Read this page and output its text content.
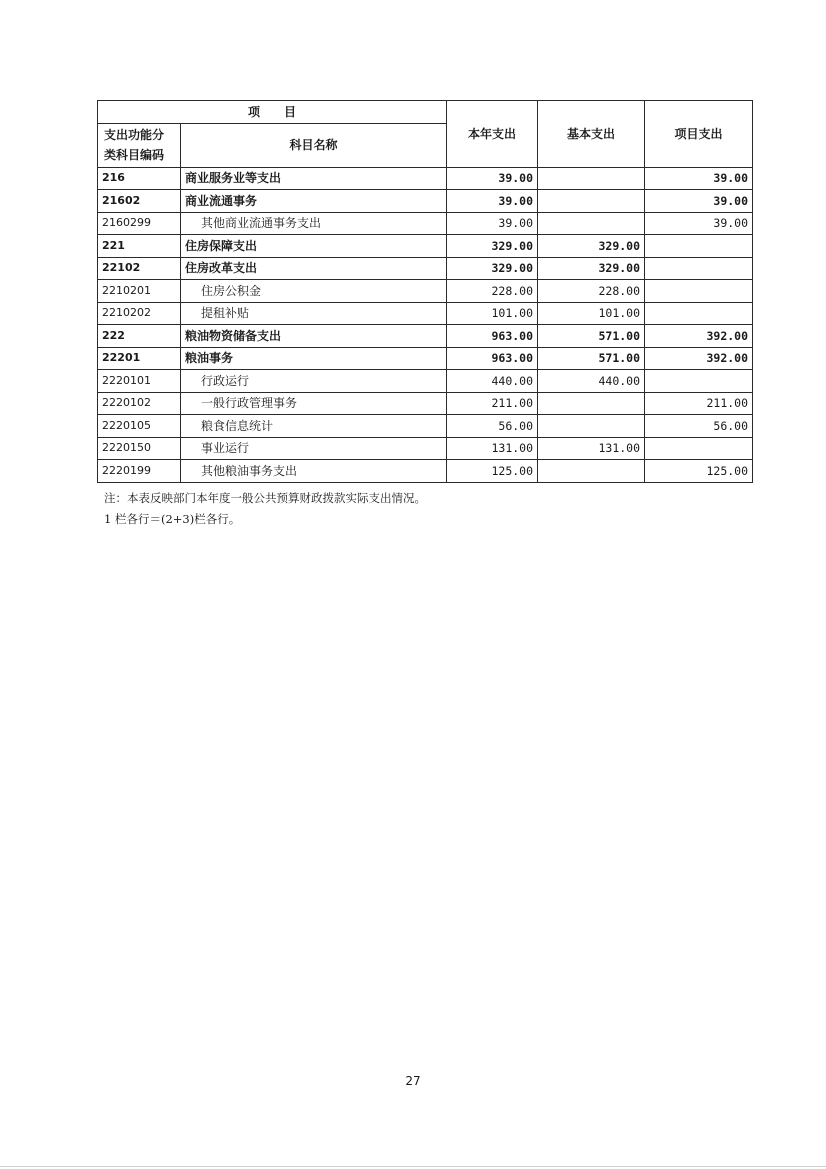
项　　目		本年支出	基本支出	项目支出
支出功能分类科目编码	科目名称			

216	商业服务业等支出	39.00		39.00
21602	商业流通事务	39.00		39.00
2160299	其他商业流通事务支出	39.00		39.00
221	住房保障支出	329.00	329.00	
22102	住房改革支出	329.00	329.00	
2210201	住房公积金	228.00	228.00	
2210202	提租补贴	101.00	101.00	
222	粮油物资储备支出	963.00	571.00	392.00
22201	粮油事务	963.00	571.00	392.00
2220101	行政运行	440.00	440.00	
2220102	一般行政管理事务	211.00		211.00
2220105	粮食信息统计	56.00		56.00
2220150	事业运行	131.00	131.00	
2220199	其他粮油事务支出	125.00		125.00
注：本表反映部门本年度一般公共预算财政拨款实际支出情况。
1 栏各行＝(2+3)栏各行。
27
